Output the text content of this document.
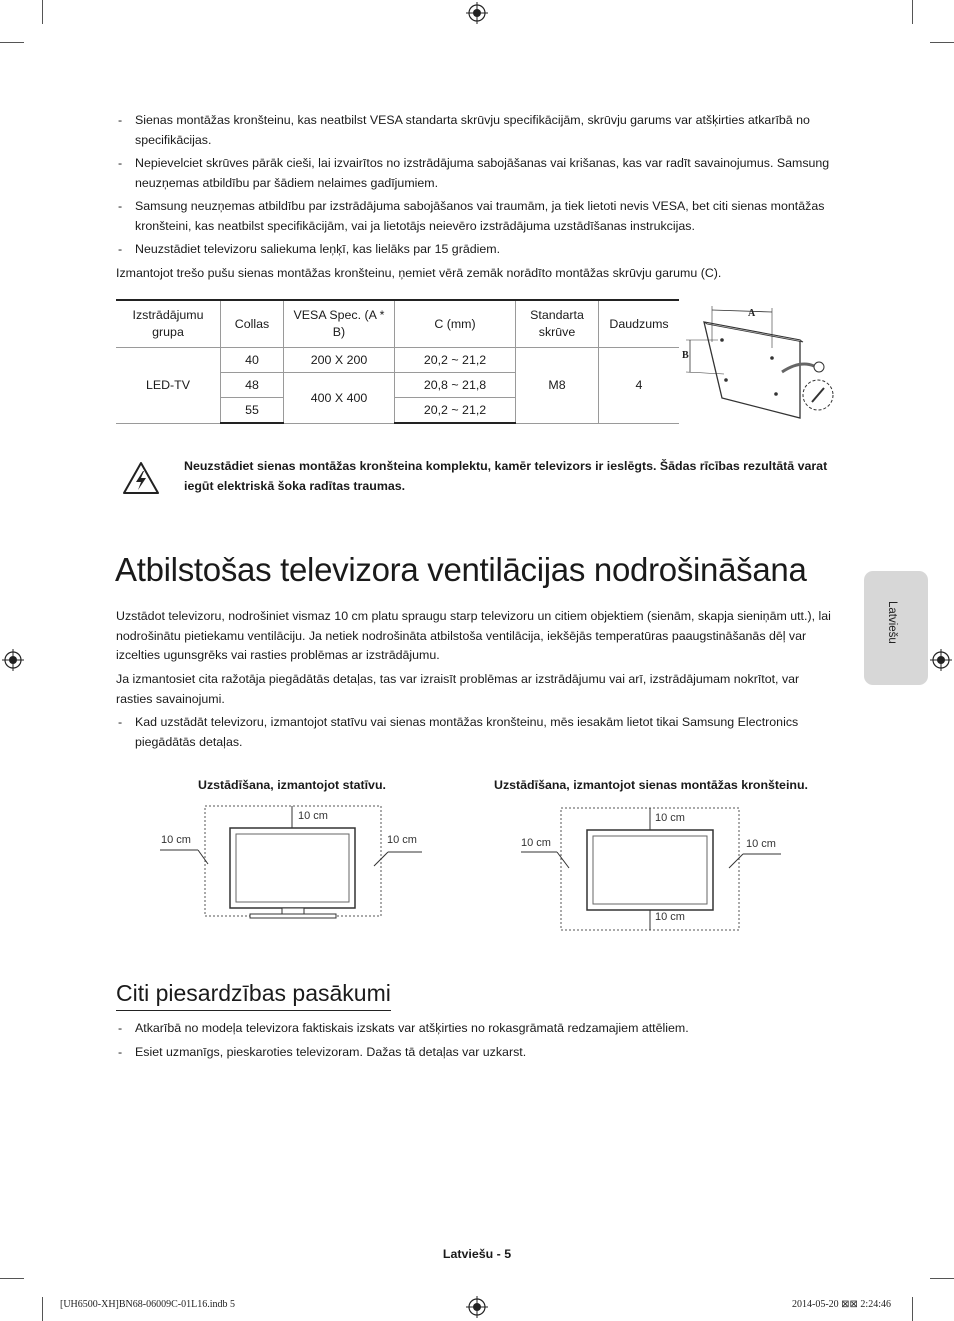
- Sienas montāžas kronšteinu, kas neatbilst VESA standarta skrūvju specifikācijām, skrūvju garums var atšķirties atkarībā no specifikācijas.
- Nepievelciet skrūves pārāk cieši, lai izvairītos no izstrādājuma sabojāšanas vai krišanas, kas var radīt savainojumus. Samsung neuzņemas atbildību par šādiem nelaimes gadījumiem.
- Samsung neuzņemas atbildību par izstrādājuma sabojāšanos vai traumām, ja tiek lietoti nevis VESA, bet citi sienas montāžas kronšteini, kas neatbilst specifikācijām, vai ja lietotājs neievēro izstrādājuma uzstādīšanas instrukcijas.
- Neuzstādiet televizoru saliekuma leņķī, kas lielāks par 15 grādiem.

Izmantojot trešo pušu sienas montāžas kronšteinu, ņemiet vērā zemāk norādīto montāžas skrūvju garumu (C).

Izstrādājumu grupa	Collas	VESA Spec. (A * B)	C (mm)	Standarta skrūve	Daudzums
LED-TV	40	200 X 200	20,2 ~ 21,2	M8	4
	48	400 X 400	20,8 ~ 21,8		
	55		20,2 ~ 21,2		
A
B
Neuzstādiet sienas montāžas kronšteina komplektu, kamēr televizors ir ieslēgts. Šādas rīcības rezultātā varat iegūt elektriskā šoka radītas traumas.
Atbilstošas televizora ventilācijas nodrošināšana

Uzstādot televizoru, nodrošiniet vismaz 10 cm platu spraugu starp televizoru un citiem objektiem (sienām, skapja sieniņām utt.), lai nodrošinātu pietiekamu ventilāciju. Ja netiek nodrošināta atbilstoša ventilācija, iekšējās temperatūras paaugstināšanās dēļ var izcelties ugunsgrēks vai rasties problēmas ar izstrādājumu.

Ja izmantosiet cita ražotāja piegādātās detaļas, tas var izraisīt problēmas ar izstrādājumu vai arī, izstrādājumam nokrītot, var rasties savainojumi.

- Kad uzstādāt televizoru, izmantojot statīvu vai sienas montāžas kronšteinu, mēs iesakām lietot tikai Samsung Electronics piegādātās detaļas.
Latviešu
Uzstādīšana, izmantojot statīvu.	Uzstādīšana, izmantojot sienas montāžas kronšteinu.
10 cm
10 cm
10 cm	10 cm
10 cm
10 cm
10 cm
Citi piesardzības pasākumi
- Atkarībā no modeļa televizora faktiskais izskats var atšķirties no rokasgrāmatā redzamajiem attēliem.
- Esiet uzmanīgs, pieskaroties televizoram. Dažas tā detaļas var uzkarst.
Latviešu - 5
[UH6500-XH]BN68-06009C-01L16.indb 5	2014-05-20 ⊠⊠ 2:24:46
